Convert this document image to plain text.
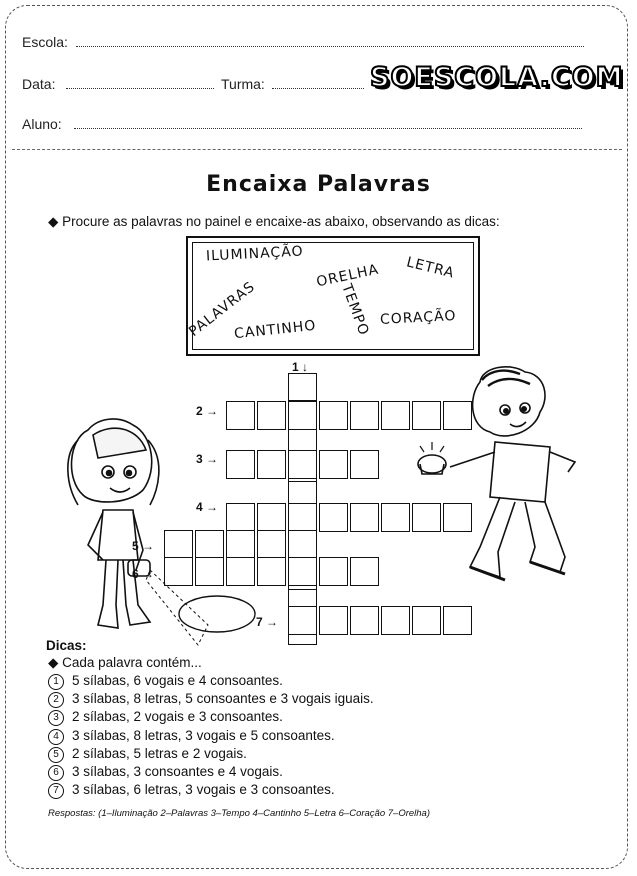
Escola:
Data:	Turma:	SOESCOLA.COM
Aluno:
Encaixa Palavras
◆ Procure as palavras no painel e encaixe-as abaixo, observando as dicas:
ILUMINAÇÃO
ORELHA LETRA
PALAVRAS	TEMPO
CANTINHO	CORAÇÃO
1 ↓
2 →
3 →
4 →
5 →
6 →
7 →
Dicas:
◆ Cada palavra contém...
1 5 sílabas, 6 vogais e 4 consoantes.
2 3 sílabas, 8 letras, 5 consoantes e 3 vogais iguais.
3 2 sílabas, 2 vogais e 3 consoantes.
4 3 sílabas, 8 letras, 3 vogais e 5 consoantes.
5 2 sílabas, 5 letras e 2 vogais.
6 3 sílabas, 3 consoantes e 4 vogais.
7 3 sílabas, 6 letras, 3 vogais e 3 consoantes.
Respostas: (1–Iluminação 2–Palavras 3–Tempo 4–Cantinho 5–Letra 6–Coração 7–Orelha)
